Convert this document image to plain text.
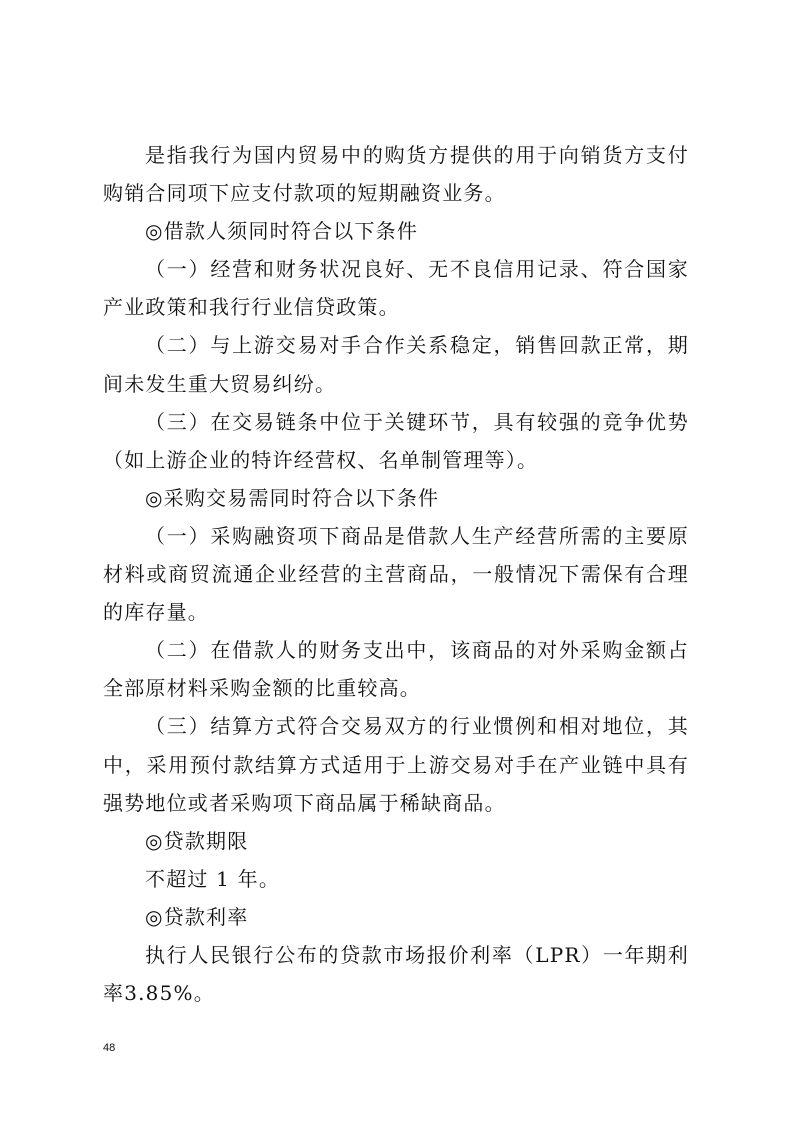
是指我行为国内贸易中的购货方提供的用于向销货方支付购销合同项下应支付款项的短期融资业务。

◎借款人须同时符合以下条件

（一）经营和财务状况良好、无不良信用记录、符合国家产业政策和我行行业信贷政策。

（二）与上游交易对手合作关系稳定，销售回款正常，期间未发生重大贸易纠纷。

（三）在交易链条中位于关键环节，具有较强的竞争优势（如上游企业的特许经营权、名单制管理等）。

◎采购交易需同时符合以下条件

（一）采购融资项下商品是借款人生产经营所需的主要原材料或商贸流通企业经营的主营商品，一般情况下需保有合理的库存量。

（二）在借款人的财务支出中，该商品的对外采购金额占全部原材料采购金额的比重较高。

（三）结算方式符合交易双方的行业惯例和相对地位，其中，采用预付款结算方式适用于上游交易对手在产业链中具有强势地位或者采购项下商品属于稀缺商品。

◎贷款期限

不超过 1 年。

◎贷款利率

执行人民银行公布的贷款市场报价利率（LPR）一年期利率3.85%。

48
